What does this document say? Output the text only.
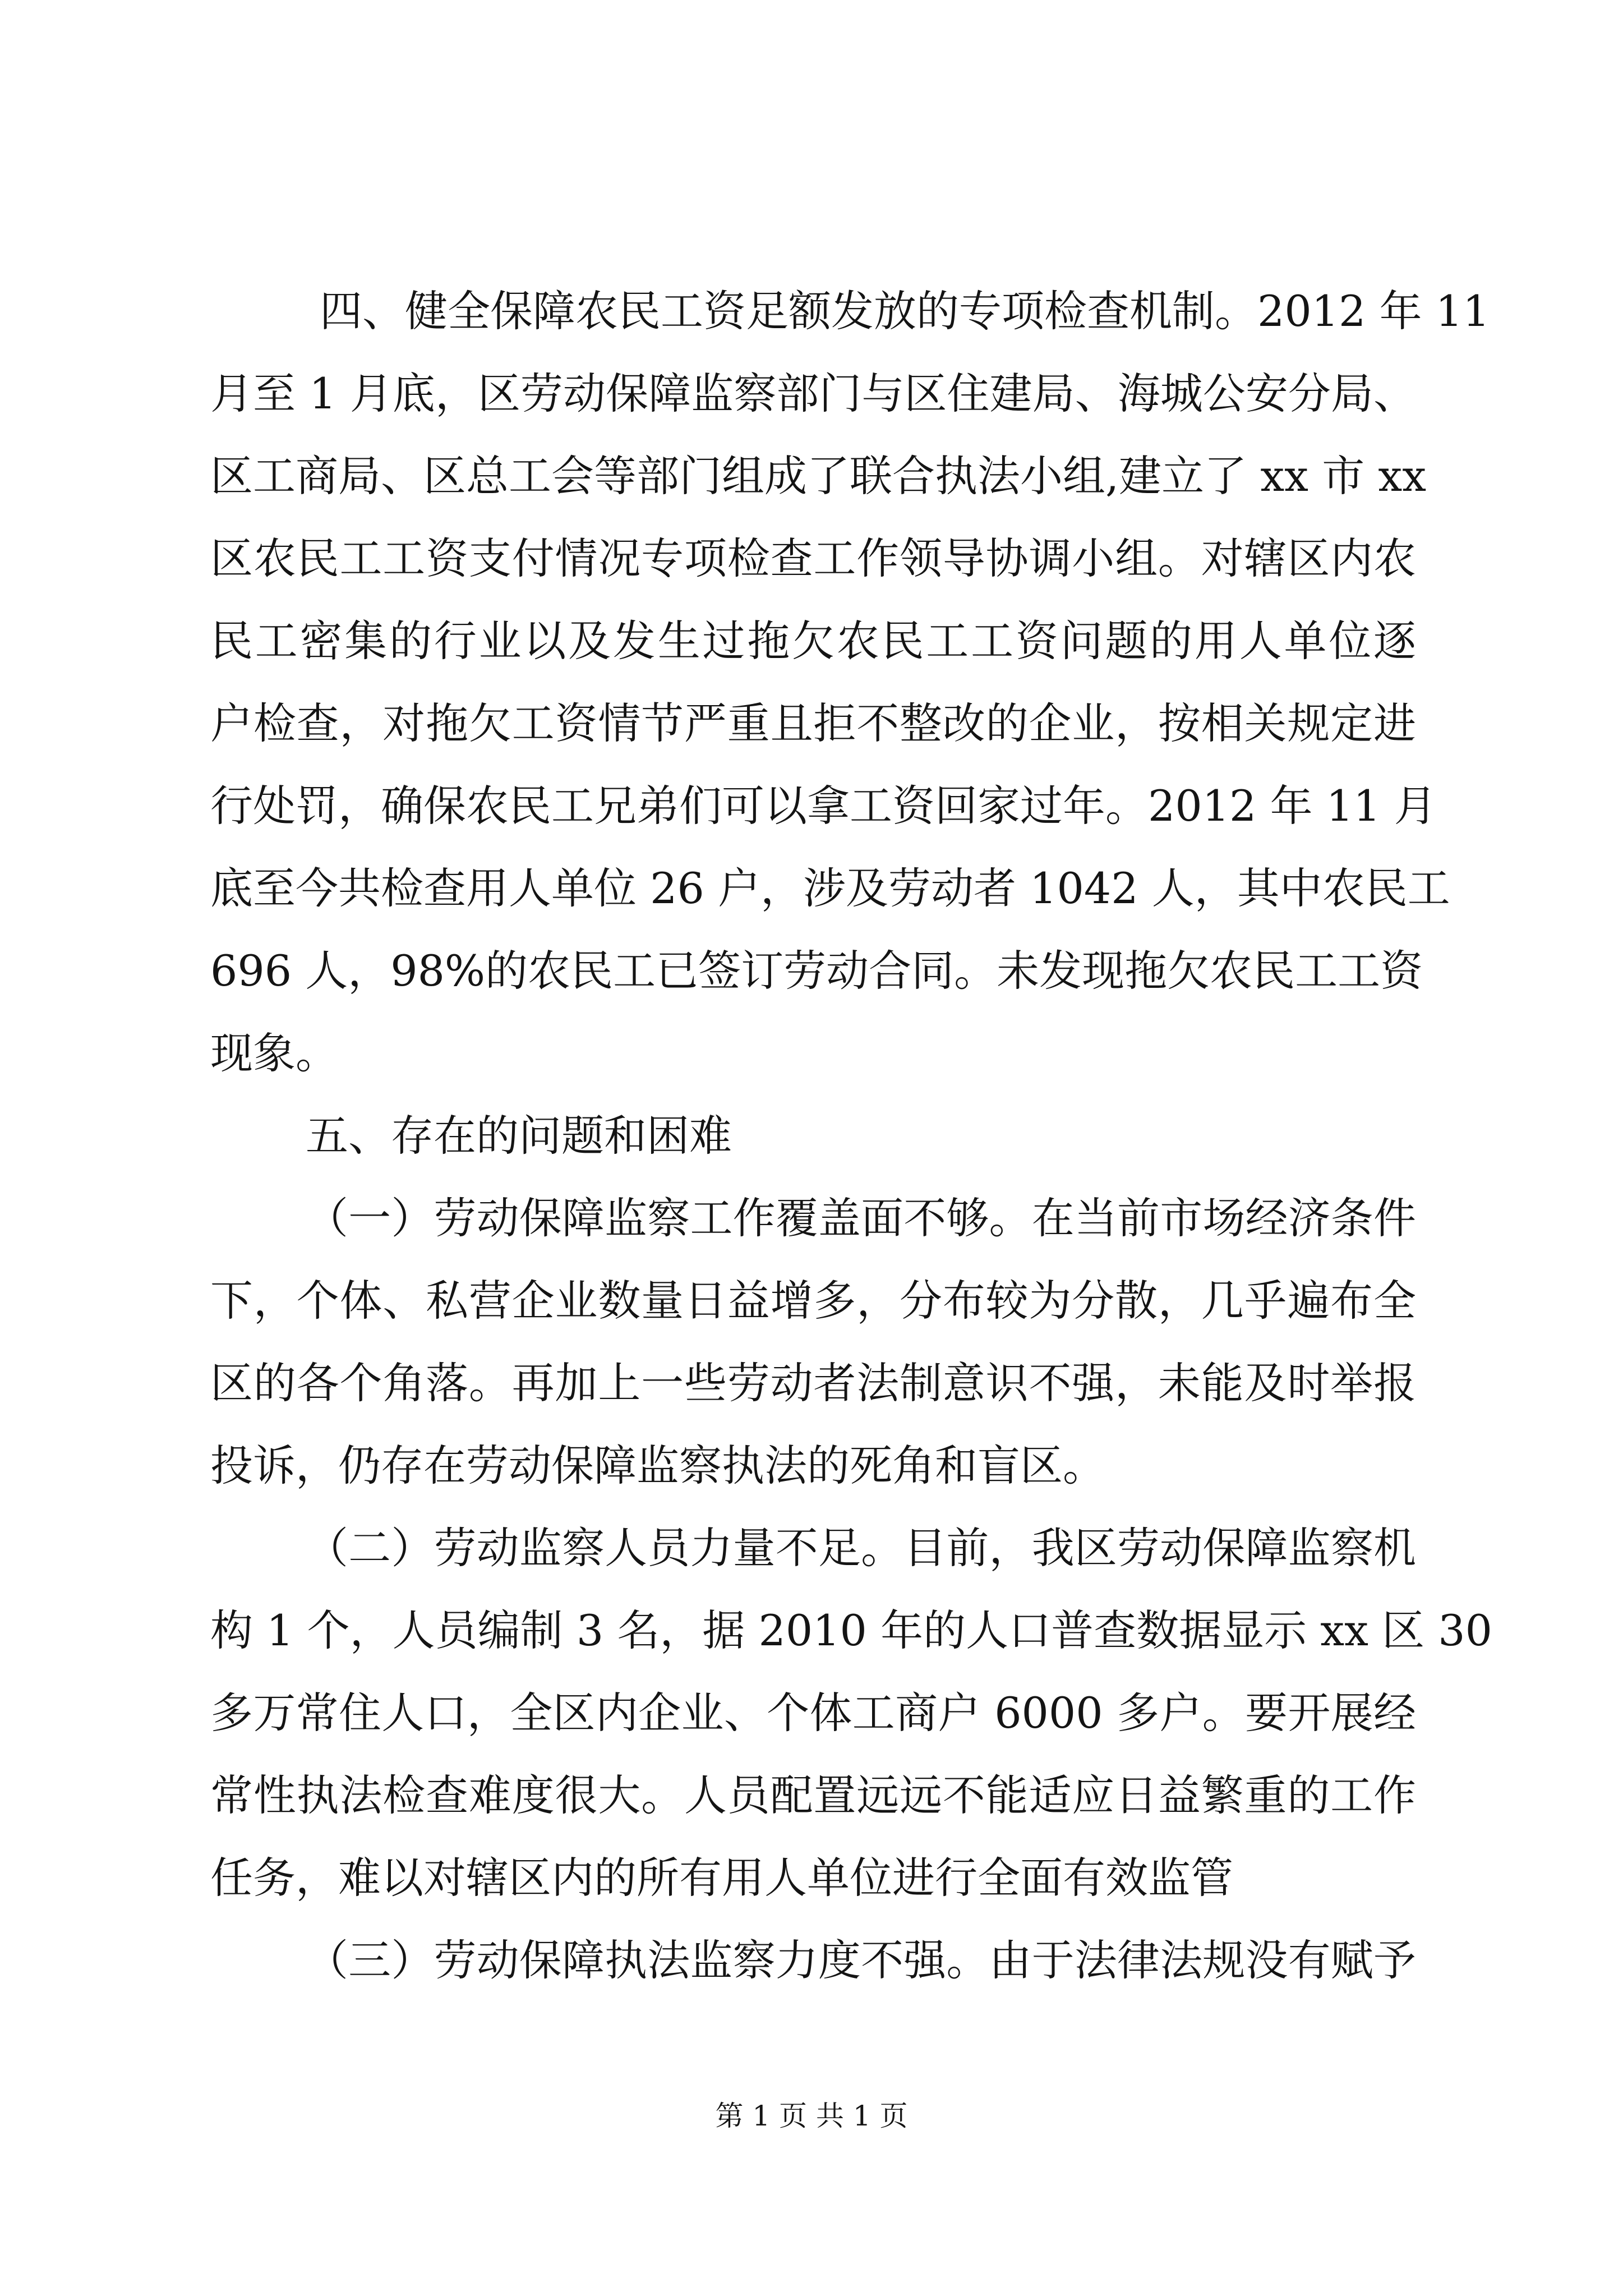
四、健全保障农民工资足额发放的专项检查机制。2012 年 11
月至 1 月底，区劳动保障监察部门与区住建局、海城公安分局、
区工商局、区总工会等部门组成了联合执法小组,建立了 xx 市 xx
区农民工工资支付情况专项检查工作领导协调小组。对辖区内农
民工密集的行业以及发生过拖欠农民工工资问题的用人单位逐
户检查，对拖欠工资情节严重且拒不整改的企业，按相关规定进
行处罚，确保农民工兄弟们可以拿工资回家过年。2012 年 11 月
底至今共检查用人单位 26 户，涉及劳动者 1042 人，其中农民工
696 人，98%的农民工已签订劳动合同。未发现拖欠农民工工资
现象。
五、存在的问题和困难
（一）劳动保障监察工作覆盖面不够。在当前市场经济条件
下，个体、私营企业数量日益增多，分布较为分散，几乎遍布全
区的各个角落。再加上一些劳动者法制意识不强，未能及时举报
投诉，仍存在劳动保障监察执法的死角和盲区。
（二）劳动监察人员力量不足。目前，我区劳动保障监察机
构 1 个，人员编制 3 名，据 2010 年的人口普查数据显示 xx 区 30
多万常住人口，全区内企业、个体工商户 6000 多户。要开展经
常性执法检查难度很大。人员配置远远不能适应日益繁重的工作
任务，难以对辖区内的所有用人单位进行全面有效监管
（三）劳动保障执法监察力度不强。由于法律法规没有赋予
第 1 页 共 1 页
